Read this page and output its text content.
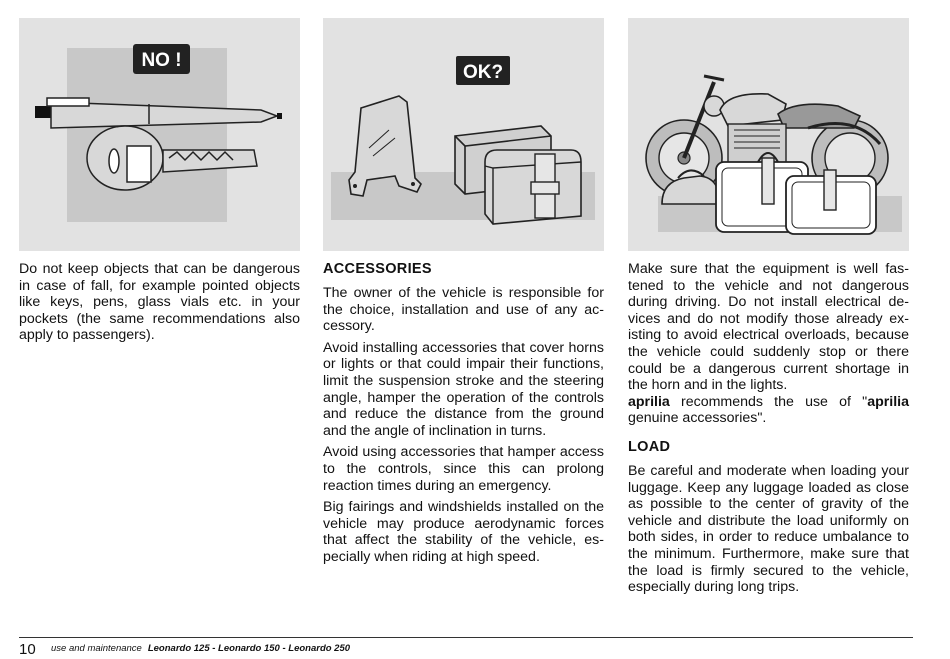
NO !

Do not keep objects that can be dangerous in case of fall, for example pointed objects like keys, pens, glass vials etc. in your pockets (the same recommendations also apply to passengers).

OK?
ACCESSORIES

The owner of the vehicle is responsible for the choice, installation and use of any accessory.

Avoid installing accessories that cover horns or lights or that could impair their functions, limit the suspension stroke and the steering angle, hamper the operation of the controls and reduce the distance from the ground and the angle of inclination in turns.

Avoid using accessories that hamper access to the controls, since this can prolong reaction times during an emergency.

Big fairings and windshields installed on the vehicle may produce aerodynamic forces that affect the stability of the vehicle, especially when riding at high speed.

Make sure that the equipment is well fastened to the vehicle and not dangerous during driving. Do not install electrical devices and do not modify those already existing to avoid electrical overloads, because the vehicle could suddenly stop or there could be a dangerous current shortage in the horn and in the lights.

aprilia recommends the use of "aprilia genuine accessories".

LOAD

Be careful and moderate when loading your luggage. Keep any luggage loaded as close as possible to the center of gravity of the vehicle and distribute the load uniformly on both sides, in order to reduce umbalance to the minimum. Furthermore, make sure that the load is firmly secured to the vehicle, especially during long trips.

10 use and maintenance Leonardo 125 - Leonardo 150 - Leonardo 250
